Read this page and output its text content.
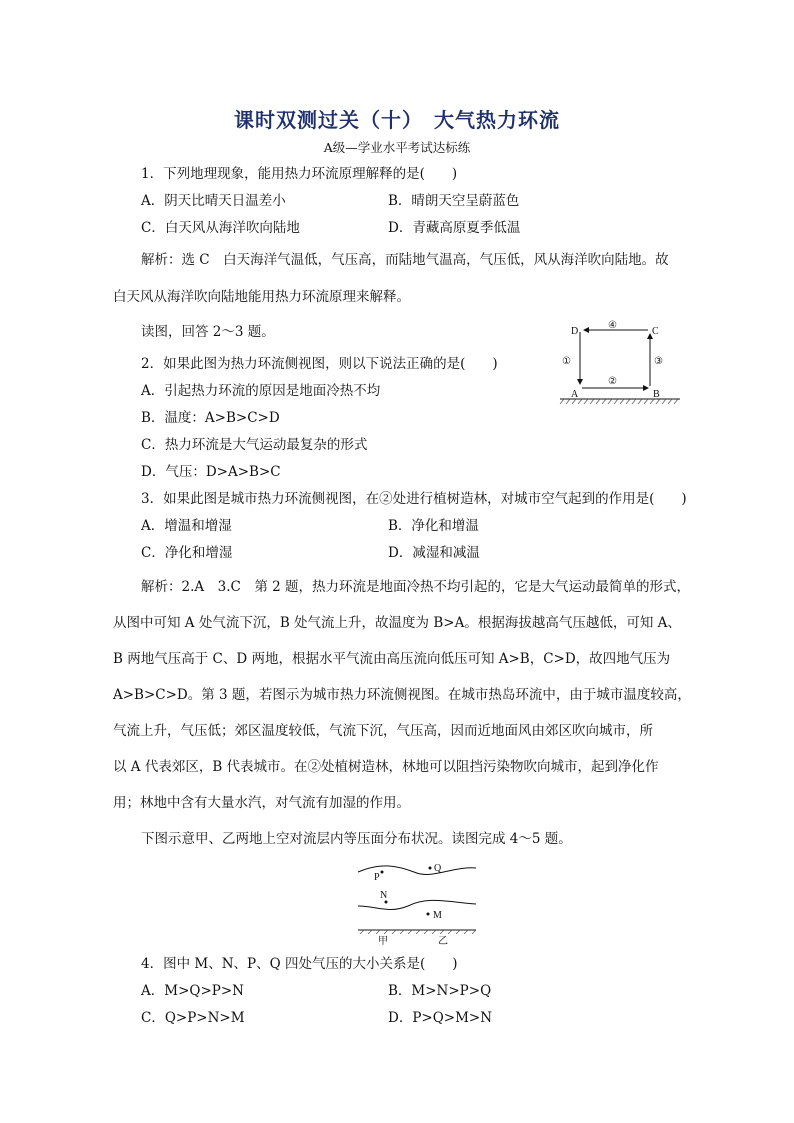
课时双测过关（十）　大气热力环流
A级—学业水平考试达标练
1．下列地理现象，能用热力环流原理解释的是(　　)
A．阴天比晴天日温差小	B．晴朗天空呈蔚蓝色
C．白天风从海洋吹向陆地	D．青藏高原夏季低温
解析：选 C　白天海洋气温低，气压高，而陆地气温高，气压低，风从海洋吹向陆地。故
白天风从海洋吹向陆地能用热力环流原理来解释。
读图，回答 2～3 题。	D	C
A	B
①
②
③
④
2．如果此图为热力环流侧视图，则以下说法正确的是(　　)
A．引起热力环流的原因是地面冷热不均
B．温度：A>B>C>D
C．热力环流是大气运动最复杂的形式
D．气压：D>A>B>C
3．如果此图是城市热力环流侧视图，在②处进行植树造林，对城市空气起到的作用是(　　)
A．增温和增湿	B．净化和增温
C．净化和增湿	D．减湿和减温
解析：2.A　3.C　第 2 题，热力环流是地面冷热不均引起的，它是大气运动最简单的形式，
从图中可知 A 处气流下沉，B 处气流上升，故温度为 B>A。根据海拔越高气压越低，可知 A、
B 两地气压高于 C、D 两地，根据水平气流由高压流向低压可知 A>B，C>D，故四地气压为
A>B>C>D。第 3 题，若图示为城市热力环流侧视图。在城市热岛环流中，由于城市温度较高，
气流上升，气压低；郊区温度较低，气流下沉，气压高，因而近地面风由郊区吹向城市，所
以 A 代表郊区，B 代表城市。在②处植树造林，林地可以阻挡污染物吹向城市，起到净化作
用；林地中含有大量水汽，对气流有加湿的作用。
下图示意甲、乙两地上空对流层内等压面分布状况。读图完成 4～5 题。
P
Q
N
M
甲	乙
4．图中 M、N、P、Q 四处气压的大小关系是(　　)
A．M>Q>P>N	B．M>N>P>Q
C．Q>P>N>M	D．P>Q>M>N
